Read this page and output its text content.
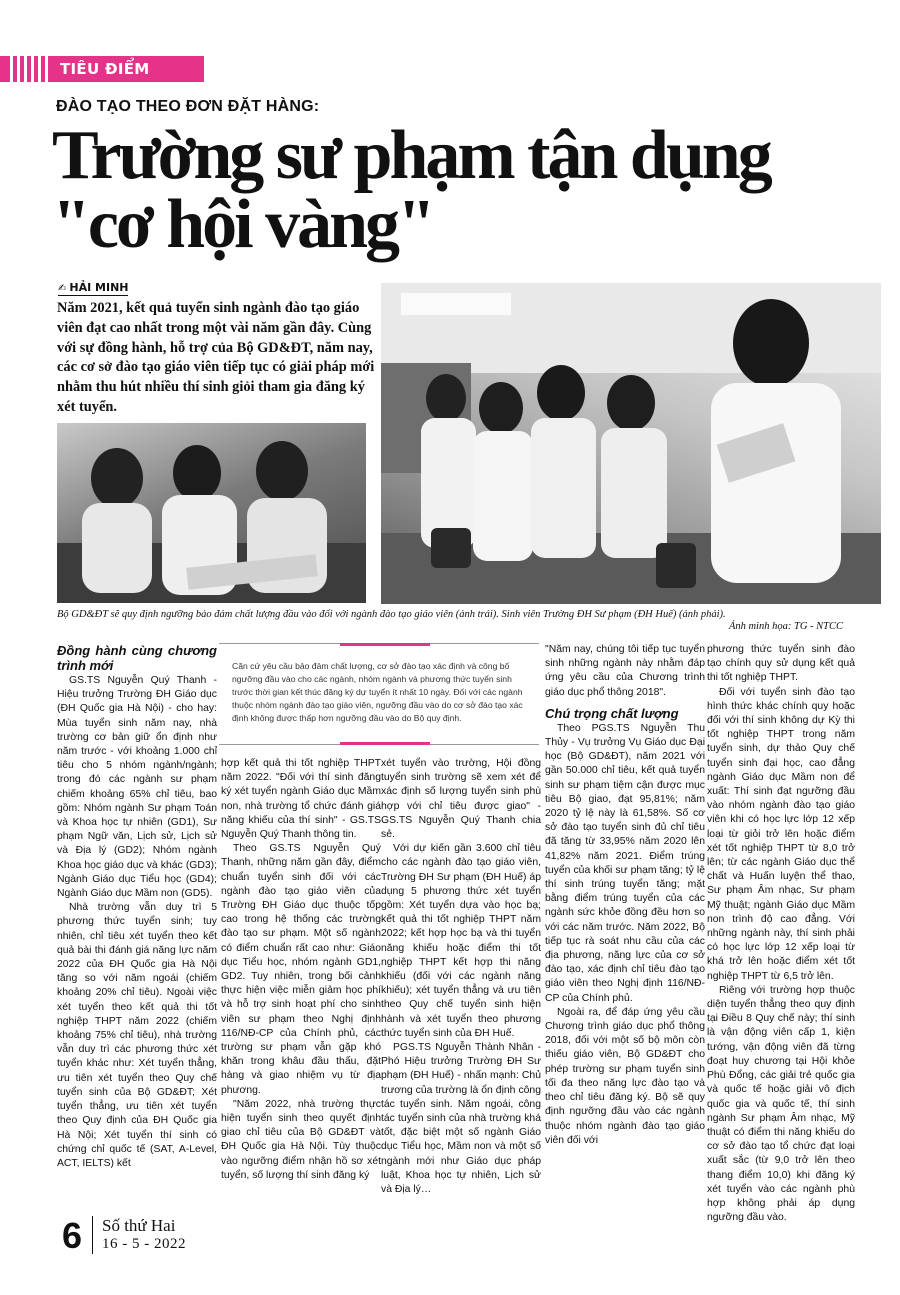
TIÊU ĐIỂM
ĐÀO TẠO THEO ĐƠN ĐẶT HÀNG:
Trường sư phạm tận dụng
"cơ hội vàng"
✍ HẢI MINH
Năm 2021, kết quả tuyển sinh ngành đào tạo giáo viên đạt cao nhất trong một vài năm gần đây. Cùng với sự đồng hành, hỗ trợ của Bộ GD&ĐT, năm nay, các cơ sở đào tạo giáo viên tiếp tục có giải pháp mới nhằm thu hút nhiều thí sinh giỏi tham gia đăng ký xét tuyển.
Bộ GD&ĐT sẽ quy định ngưỡng bảo đảm chất lượng đầu vào đối với ngành đào tạo giáo viên (ảnh trái). Sinh viên Trường ĐH Sư phạm (ĐH Huế) (ảnh phải).
Ảnh minh họa: TG - NTCC
Căn cứ yêu cầu bảo đảm chất lượng, cơ sở đào tạo xác định và công bố ngưỡng đầu vào cho các ngành, nhóm ngành và phương thức tuyển sinh trước thời gian kết thúc đăng ký dự tuyển ít nhất 10 ngày. Đối với các ngành thuộc nhóm ngành đào tạo giáo viên, ngưỡng đầu vào do cơ sở đào tạo xác định không được thấp hơn ngưỡng đầu vào do Bộ quy định.
Đồng hành cùng chương trình mới

GS.TS Nguyễn Quý Thanh - Hiệu trưởng Trường ĐH Giáo dục (ĐH Quốc gia Hà Nội) - cho hay: Mùa tuyển sinh năm nay, nhà trường cơ bản giữ ổn định như năm trước - với khoảng 1.000 chỉ tiêu cho 5 nhóm ngành/ngành; trong đó các ngành sư phạm chiếm khoảng 65% chỉ tiêu, bao gồm: Nhóm ngành Sư phạm Toán và Khoa học tự nhiên (GD1), Sư phạm Ngữ văn, Lịch sử, Lịch sử và Địa lý (GD2); Nhóm ngành Khoa học giáo dục và khác (GD3); Ngành Giáo dục Tiểu học (GD4); Ngành Giáo dục Mầm non (GD5).

Nhà trường vẫn duy trì 5 phương thức tuyển sinh; tuy nhiên, chỉ tiêu xét tuyển theo kết quả bài thi đánh giá năng lực năm 2022 của ĐH Quốc gia Hà Nội tăng so với năm ngoái (chiếm khoảng 20% chỉ tiêu). Ngoài việc xét tuyển theo kết quả thi tốt nghiệp THPT năm 2022 (chiếm khoảng 75% chỉ tiêu), nhà trường vẫn duy trì các phương thức xét tuyển khác như: Xét tuyển thẳng, ưu tiên xét tuyển theo Quy chế tuyển sinh của Bộ GD&ĐT; Xét tuyển thẳng, ưu tiên xét tuyển theo Quy định của ĐH Quốc gia Hà Nội; Xét tuyển thí sinh có chứng chỉ quốc tế (SAT, A-Level, ACT, IELTS) kết

hợp kết quả thi tốt nghiệp THPT năm 2022. "Đối với thí sinh đăng ký xét tuyển ngành Giáo dục Mầm non, nhà trường tổ chức đánh giá năng khiếu của thí sinh" - GS.TS Nguyễn Quý Thanh thông tin.

Theo GS.TS Nguyễn Quý Thanh, những năm gần đây, điểm chuẩn tuyển sinh đối với các ngành đào tạo giáo viên của Trường ĐH Giáo dục thuộc tốp cao trong hệ thống các trường đào tạo sư phạm. Một số ngành có điểm chuẩn rất cao như: Giáo dục Tiểu học, nhóm ngành GD1, GD2. Tuy nhiên, trong bối cảnh thực hiện việc miễn giảm học phí và hỗ trợ sinh hoạt phí cho sinh viên sư phạm theo Nghị định 116/NĐ-CP của Chính phủ, các trường sư phạm vẫn gặp khó khăn trong khâu đầu thấu, đặt hàng và giao nhiệm vụ từ địa phương.

"Năm 2022, nhà trường thực hiện tuyển sinh theo quyết định giao chỉ tiêu của Bộ GD&ĐT và ĐH Quốc gia Hà Nội. Tùy thuộc vào ngưỡng điểm nhận hồ sơ xét tuyển, số lượng thí sinh đăng ký

xét tuyển vào trường, Hội đồng tuyển sinh trường sẽ xem xét để xác định số lượng tuyển sinh phù hợp với chỉ tiêu được giao" - GS.TS Nguyễn Quý Thanh chia sẻ.

Với dự kiến gần 3.600 chỉ tiêu cho các ngành đào tạo giáo viên, Trường ĐH Sư phạm (ĐH Huế) áp dụng 5 phương thức xét tuyển gồm: Xét tuyển dựa vào học bạ; kết quả thi tốt nghiệp THPT năm 2022; kết hợp học bạ và thi tuyển năng khiếu hoặc điểm thi tốt nghiệp THPT kết hợp thi năng khiếu (đối với các ngành năng khiếu); xét tuyển thẳng và ưu tiên theo Quy chế tuyển sinh hiện hành và xét tuyển theo phương thức tuyển sinh của ĐH Huế.

PGS.TS Nguyễn Thành Nhân - Phó Hiệu trưởng Trường ĐH Sư phạm (ĐH Huế) - nhấn mạnh: Chủ trương của trường là ổn định công tác tuyển sinh. Năm ngoái, công tác tuyển sinh của nhà trường khá tốt, đặc biệt một số ngành Giáo dục Tiểu học, Mầm non và một số ngành mới như Giáo dục pháp luật, Khoa học tự nhiên, Lịch sử và Địa lý…

"Năm nay, chúng tôi tiếp tục tuyển sinh những ngành này nhằm đáp ứng yêu cầu của Chương trình giáo dục phổ thông 2018".

Chú trọng chất lượng

Theo PGS.TS Nguyễn Thu Thủy - Vụ trưởng Vụ Giáo dục Đại học (Bộ GD&ĐT), năm 2021 với gần 50.000 chỉ tiêu, kết quả tuyển sinh sư phạm tiệm cận được mục tiêu Bộ giao, đạt 95,81%; năm 2020 tỷ lệ này là 61,58%. Số cơ sở đào tạo tuyển sinh đủ chỉ tiêu đã tăng từ 33,95% năm 2020 lên 41,82% năm 2021. Điểm trúng tuyển của khối sư phạm tăng; tỷ lệ thí sinh trúng tuyển tăng; mặt bằng điểm trúng tuyển của các ngành sức khỏe đồng đều hơn so với các năm trước. Năm 2022, Bộ tiếp tục rà soát nhu cầu của các địa phương, năng lực của cơ sở đào tạo, xác định chỉ tiêu đào tạo giáo viên theo Nghị định 116/NĐ-CP của Chính phủ.

Ngoài ra, để đáp ứng yêu cầu Chương trình giáo dục phổ thông 2018, đối với một số bộ môn còn thiếu giáo viên, Bộ GD&ĐT cho phép trường sư phạm tuyển sinh tối đa theo năng lực đào tạo và theo chỉ tiêu đăng ký. Bộ sẽ quy định ngưỡng đầu vào các ngành thuộc nhóm ngành đào tạo giáo viên đối với

phương thức tuyển sinh đào tạo chính quy sử dụng kết quả thi tốt nghiệp THPT.

Đối với tuyển sinh đào tạo hình thức khác chính quy hoặc đối với thí sinh không dự Kỳ thi tốt nghiệp THPT trong năm tuyển sinh, dự thảo Quy chế tuyển sinh đại học, cao đẳng ngành Giáo dục Mầm non để xuất: Thí sinh đạt ngưỡng đầu vào nhóm ngành đào tạo giáo viên khi có học lực lớp 12 xếp loại từ giỏi trở lên hoặc điểm xét tốt nghiệp THPT từ 8,0 trở lên; từ các ngành Giáo dục thể chất và Huấn luyện thể thao, Sư phạm Âm nhạc, Sư phạm Mỹ thuật; ngành Giáo dục Mầm non trình độ cao đẳng. Với những ngành này, thí sinh phải có học lực lớp 12 xếp loại từ khá trở lên hoặc điểm xét tốt nghiệp THPT từ 6,5 trở lên.

Riêng với trường hợp thuộc diện tuyển thẳng theo quy định tại Điều 8 Quy chế này; thí sinh là vận động viên cấp 1, kiện tướng, vận động viên đã từng đoạt huy chương tại Hội khỏe Phù Đổng, các giải trẻ quốc gia và quốc tế hoặc giải vô địch quốc gia và quốc tế, thí sinh ngành Sư phạm Âm nhạc, Mỹ thuật có điểm thi năng khiếu do cơ sở đào tạo tổ chức đạt loại xuất sắc (từ 9,0 trở lên theo thang điểm 10,0) khi đăng ký xét tuyển vào các ngành phù hợp không phải áp dụng ngưỡng đầu vào.

6 Số thứ Hai
16 - 5 - 2022
